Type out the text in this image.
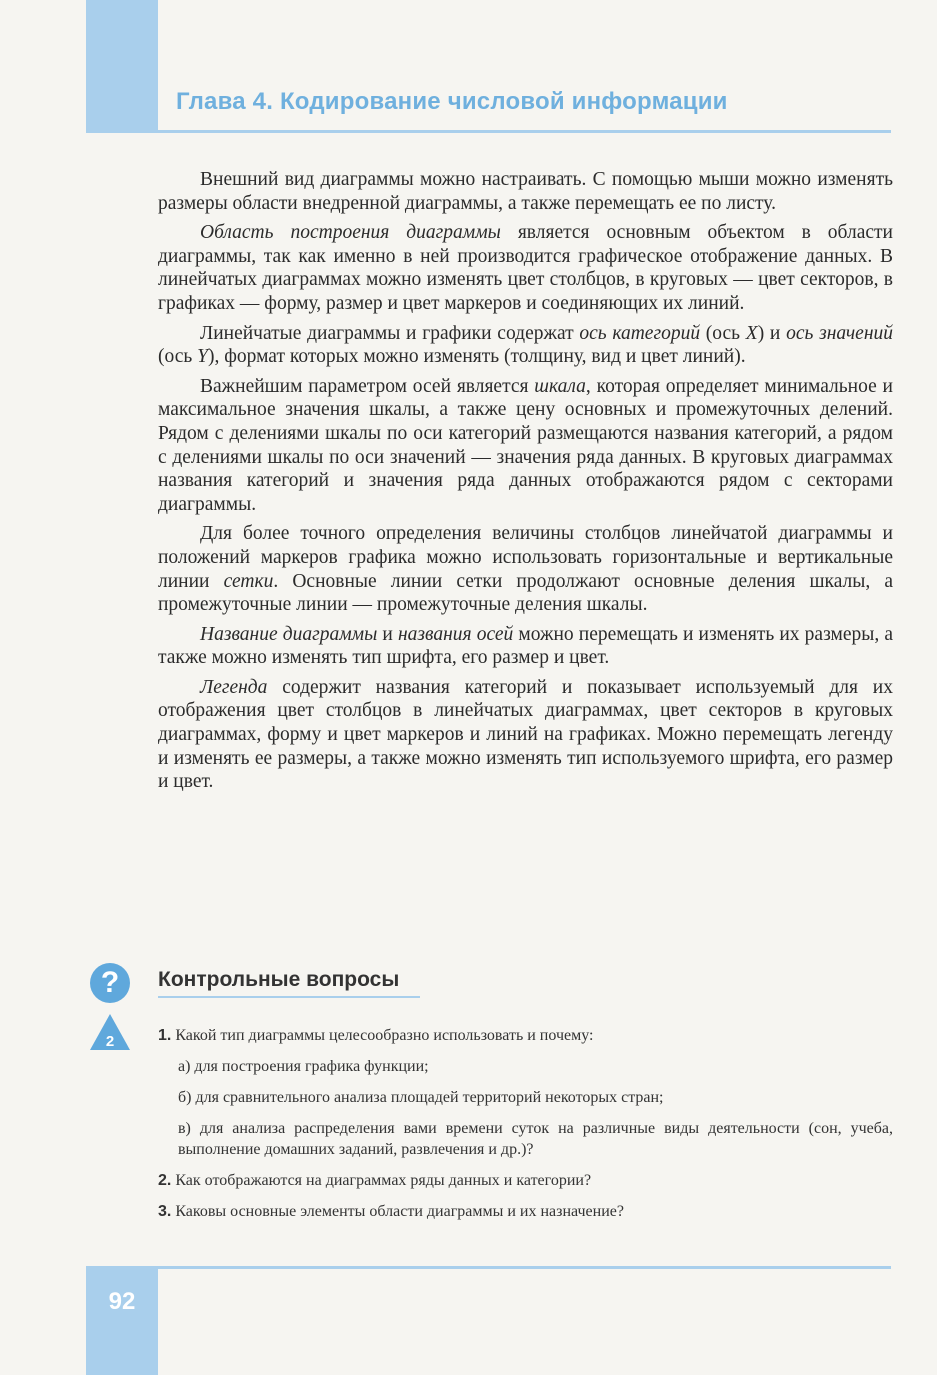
Глава 4. Кодирование числовой информации

Внешний вид диаграммы можно настраивать. С помощью мыши можно изменять размеры области внедренной диаграммы, а также перемещать ее по листу.

Область построения диаграммы является основным объектом в области диаграммы, так как именно в ней производится графическое отображение данных. В линейчатых диаграммах можно изменять цвет столбцов, в круговых — цвет секторов, в графиках — форму, размер и цвет маркеров и соединяющих их линий.

Линейчатые диаграммы и графики содержат ось категорий (ось X) и ось значений (ось Y), формат которых можно изменять (толщину, вид и цвет линий).

Важнейшим параметром осей является шкала, которая определяет минимальное и максимальное значения шкалы, а также цену основных и промежуточных делений. Рядом с делениями шкалы по оси категорий размещаются названия категорий, а рядом с делениями шкалы по оси значений — значения ряда данных. В круговых диаграммах названия категорий и значения ряда данных отображаются рядом с секторами диаграммы.

Для более точного определения величины столбцов линейчатой диаграммы и положений маркеров графика можно использовать горизонтальные и вертикальные линии сетки. Основные линии сетки продолжают основные деления шкалы, а промежуточные линии — промежуточные деления шкалы.

Название диаграммы и названия осей можно перемещать и изменять их размеры, а также можно изменять тип шрифта, его размер и цвет.

Легенда содержит названия категорий и показывает используемый для их отображения цвет столбцов в линейчатых диаграммах, цвет секторов в круговых диаграммах, форму и цвет маркеров и линий на графиках. Можно перемещать легенду и изменять ее размеры, а также можно изменять тип используемого шрифта, его размер и цвет.

?
2
Контрольные вопросы
1. Какой тип диаграммы целесообразно использовать и почему:
а) для построения графика функции;
б) для сравнительного анализа площадей территорий некоторых стран;
в) для анализа распределения вами времени суток на различные виды деятельности (сон, учеба, выполнение домашних заданий, развлечения и др.)?
2. Как отображаются на диаграммах ряды данных и категории?
3. Каковы основные элементы области диаграммы и их назначение?
92
